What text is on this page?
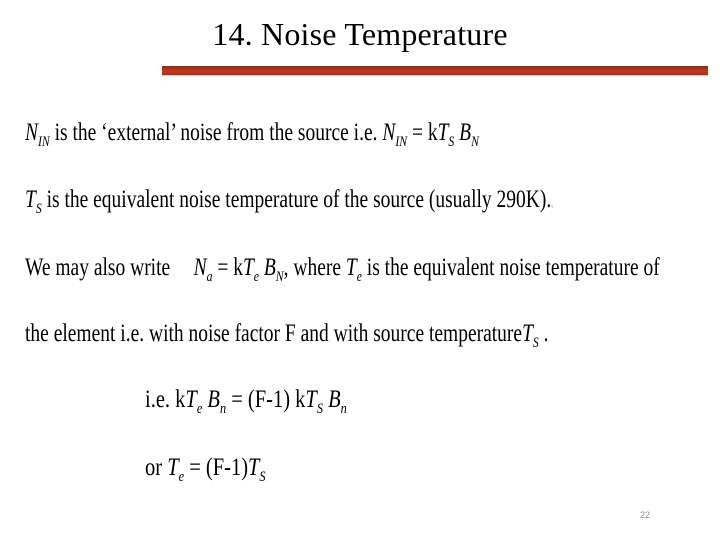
14. Noise Temperature
$N_{IN}$ is the ‘external’ noise from the source i.e. $N_{IN} = kT_S$ $B_N$
$T_S$ is the equivalent noise temperature of the source (usually 290K).ᵥ
We may also write $N_a = kT_e$ $B_N$, where $T_e$ is the equivalent noise temperature of
the element i.e. with noise factor F and with source temperatureT$_S$ .
i.e. $kT_e$ $B_n = (F-1)$ $kT_S$ $B_n$
or $T_e = (F-1)T_S$
22
